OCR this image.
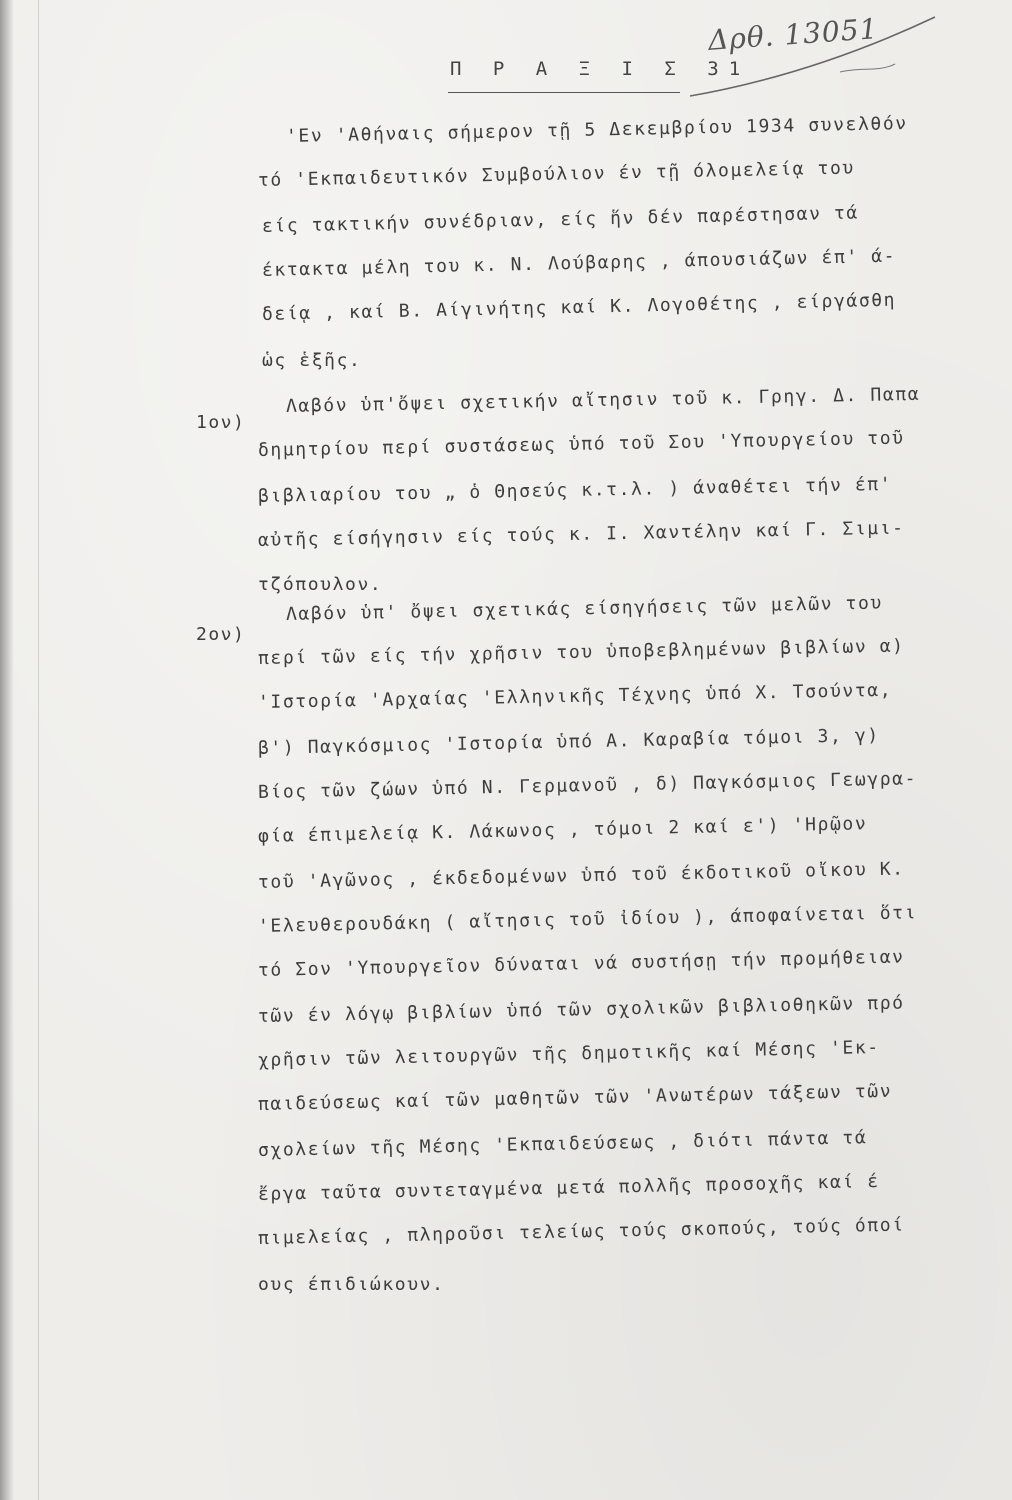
Δρθ. 13051
Π Ρ Α Ξ Ι Σ 31
'Εν 'Αθήναις σήμερον τῇ 5 Δεκεμβρίου 1934 συνελθόν
τό 'Εκπαιδευτικόν Συμβούλιον έν τῇ όλομελείᾳ του
είς τακτικήν συνέδριαν, είς ἥν δέν παρέστησαν τά
έκτακτα μέλη του κ. Ν. Λούβαρης , άπουσιάζων έπ' ά-
δείᾳ , καί Β. Αίγινήτης καί Κ. Λογοθέτης , είργάσθη
ὡς ἑξῆς.
1ον)
Λαβόν ὑπ'ὄψει σχετικήν αἴτησιν τοῦ κ. Γρηγ. Δ. Παπα
δημητρίου περί συστάσεως ὑπό τοῦ Σου 'Υπουργείου τοῦ
βιβλιαρίου του „ ὁ Θησεύς κ.τ.λ. ) άναθέτει τήν έπ'
αὐτῆς είσήγησιν είς τούς κ. Ι. Χαντέλην καί Γ. Σιμι-
τζόπουλον.
2ον)
Λαβόν ὑπ' ὄψει σχετικάς είσηγήσεις τῶν μελῶν του
περί τῶν είς τήν χρῆσιν του ὑποβεβλημένων βιβλίων α)
'Ιστορία 'Αρχαίας 'Ελληνικῆς Τέχνης ὑπό Χ. Τσούντα,
β') Παγκόσμιος 'Ιστορία ὑπό Α. Καραβία τόμοι 3, γ)
Βίος τῶν ζώων ὑπό Ν. Γερμανοῦ , δ) Παγκόσμιος Γεωγρα-
φία έπιμελείᾳ Κ. Λάκωνος , τόμοι 2 καί ε') 'Ηρῷον
τοῦ 'Αγῶνος , έκδεδομένων ὑπό τοῦ έκδοτικοῦ οἴκου Κ.
'Ελευθερουδάκη ( αἴτησις τοῦ ἰδίου ), άποφαίνεται ὅτι
τό Σον 'Υπουργεῖον δύναται νά συστήσῃ τήν προμήθειαν
τῶν έν λόγῳ βιβλίων ὑπό τῶν σχολικῶν βιβλιοθηκῶν πρό
χρῆσιν τῶν λειτουργῶν τῆς δημοτικῆς καί Μέσης 'Εκ-
παιδεύσεως καί τῶν μαθητῶν τῶν 'Ανωτέρων τάξεων τῶν
σχολείων τῆς Μέσης 'Εκπαιδεύσεως , διότι πάντα τά
ἔργα ταῦτα συντεταγμένα μετά πολλῆς προσοχῆς καί έ
πιμελείας , πληροῦσι τελείως τούς σκοπούς, τούς όποί
ους έπιδιώκουν.
